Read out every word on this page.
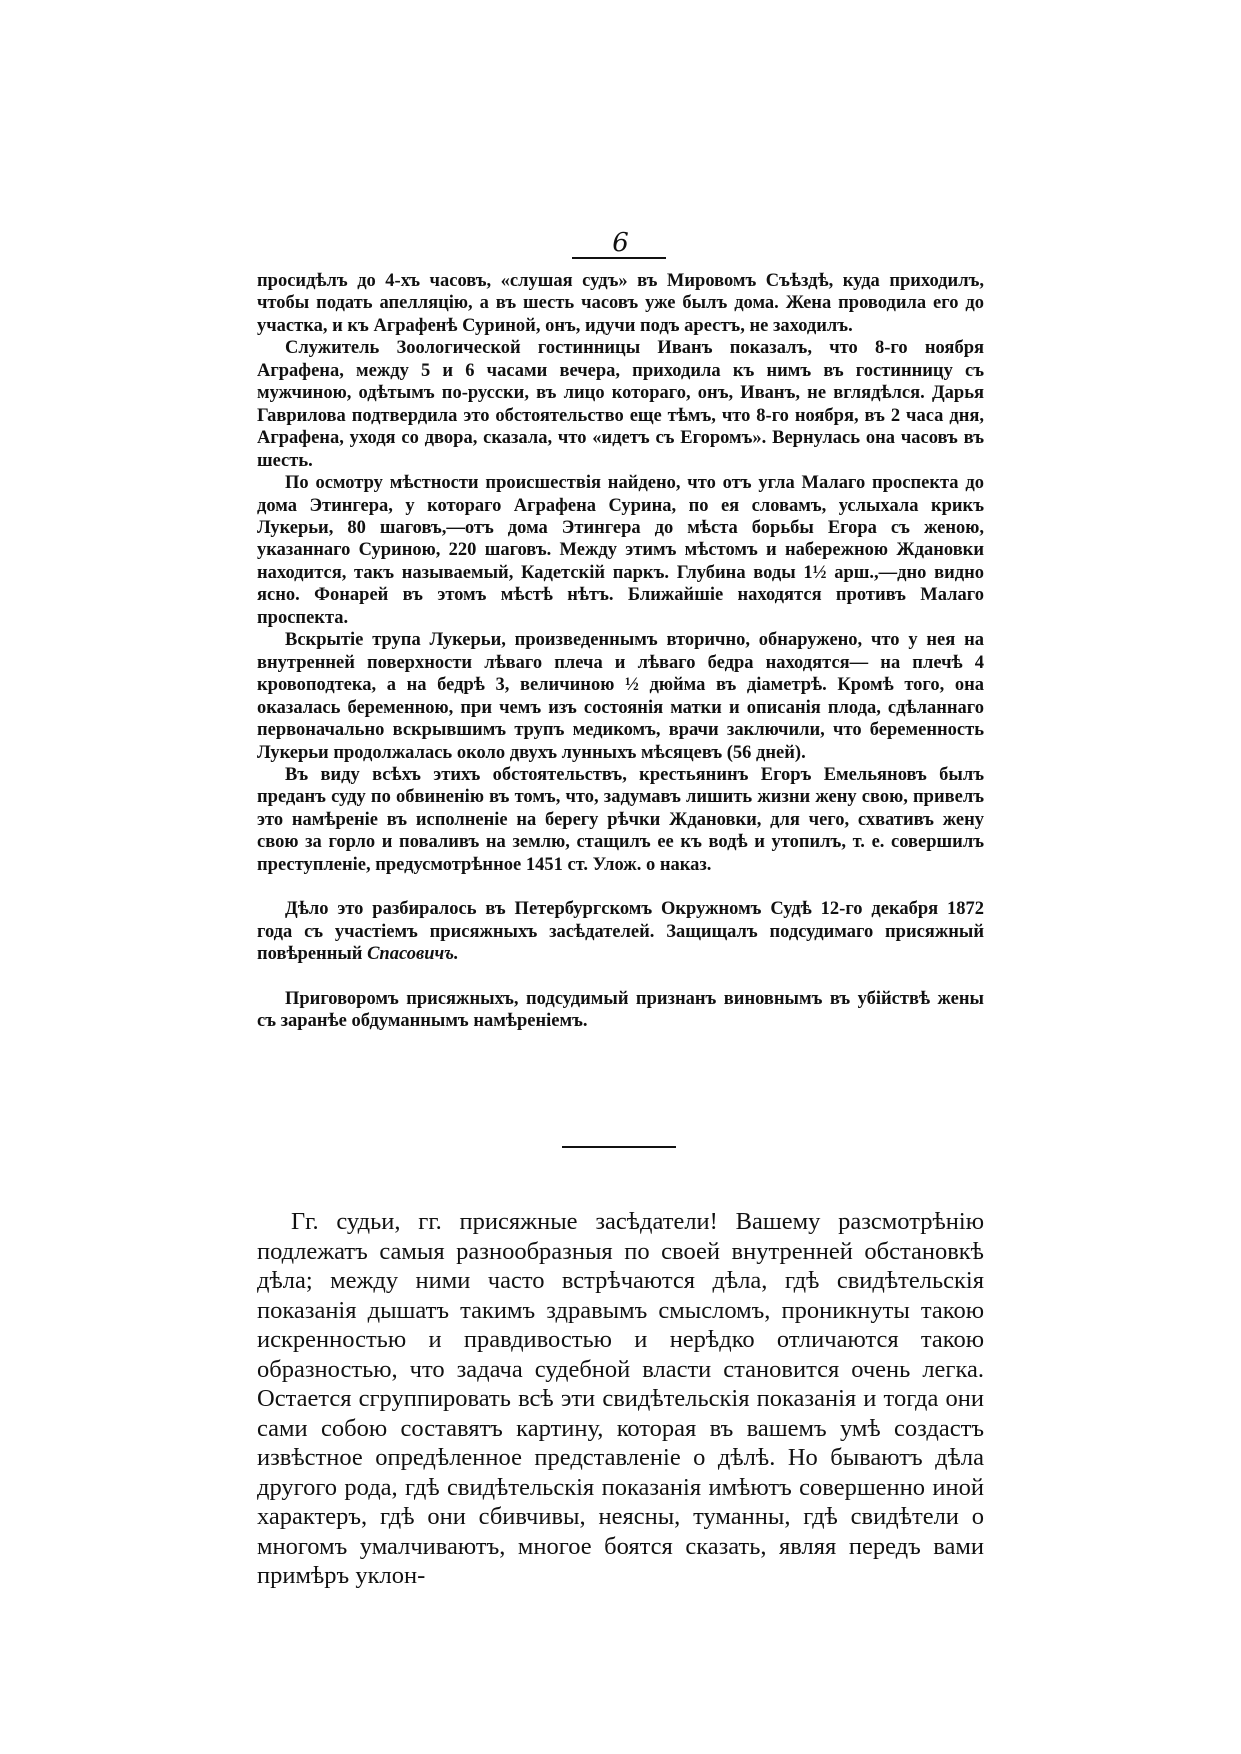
6

просидѣлъ до 4-хъ часовъ, «слушая судъ» въ Мировомъ Съѣздѣ, куда приходилъ, чтобы подать апелляцію, а въ шесть часовъ уже былъ дома. Жена проводила его до участка, и къ Аграфенѣ Суриной, онъ, идучи подъ арестъ, не заходилъ.

Служитель Зоологической гостинницы Иванъ показалъ, что 8-го ноября Аграфена, между 5 и 6 часами вечера, приходила къ нимъ въ гостинницу съ мужчиною, одѣтымъ по-русски, въ лицо котораго, онъ, Иванъ, не вглядѣлся. Дарья Гаврилова подтвердила это обстоятельство еще тѣмъ, что 8-го ноября, въ 2 часа дня, Аграфена, уходя со двора, сказала, что «идетъ съ Егоромъ». Вернулась она часовъ въ шесть.

По осмотру мѣстности происшествія найдено, что отъ угла Малаго проспекта до дома Этингера, у котораго Аграфена Сурина, по ея словамъ, услыхала крикъ Лукерьи, 80 шаговъ,—отъ дома Этингера до мѣста борьбы Егора съ женою, указаннаго Суриною, 220 шаговъ. Между этимъ мѣстомъ и набережною Ждановки находится, такъ называемый, Кадетскій паркъ. Глубина воды 1½ арш.,—дно видно ясно. Фонарей въ этомъ мѣстѣ нѣтъ. Ближайшіе находятся противъ Малаго проспекта.

Вскрытіе трупа Лукерьи, произведеннымъ вторично, обнаружено, что у нея на внутренней поверхности лѣваго плеча и лѣваго бедра находятся— на плечѣ 4 кровоподтека, а на бедрѣ 3, величиною ½ дюйма въ діаметрѣ. Кромѣ того, она оказалась беременною, при чемъ изъ состоянія матки и описанія плода, сдѣланнаго первоначально вскрывшимъ трупъ медикомъ, врачи заключили, что беременность Лукерьи продолжалась около двухъ лунныхъ мѣсяцевъ (56 дней).

Въ виду всѣхъ этихъ обстоятельствъ, крестьянинъ Егоръ Емельяновъ былъ преданъ суду по обвиненію въ томъ, что, задумавъ лишить жизни жену свою, привелъ это намѣреніе въ исполненіе на берегу рѣчки Ждановки, для чего, схвативъ жену свою за горло и поваливъ на землю, стащилъ ее къ водѣ и утопилъ, т. е. совершилъ преступленіе, предусмотрѣнное 1451 ст. Улож. о наказ.

Дѣло это разбиралось въ Петербургскомъ Окружномъ Судѣ 12-го декабря 1872 года съ участіемъ присяжныхъ засѣдателей. Защищалъ подсудимаго присяжный повѣренный Спасовичъ.

Приговоромъ присяжныхъ, подсудимый признанъ виновнымъ въ убійствѣ жены съ заранѣе обдуманнымъ намѣреніемъ.

Гг. судьи, гг. присяжные засѣдатели! Вашему разсмотрѣнію подлежатъ самыя разнообразныя по своей внутренней обстановкѣ дѣла; между ними часто встрѣчаются дѣла, гдѣ свидѣтельскія показанія дышатъ такимъ здравымъ смысломъ, проникнуты такою искренностью и правдивостью и нерѣдко отличаются такою образностью, что задача судебной власти становится очень легка. Остается сгруппировать всѣ эти свидѣтельскія показанія и тогда они сами собою составятъ картину, которая въ вашемъ умѣ создастъ извѣстное опредѣленное представленіе о дѣлѣ. Но бываютъ дѣла другого рода, гдѣ свидѣтельскія показанія имѣютъ совершенно иной характеръ, гдѣ они сбивчивы, неясны, туманны, гдѣ свидѣтели о многомъ умалчиваютъ, многое боятся сказать, являя передъ вами примѣръ уклон-
